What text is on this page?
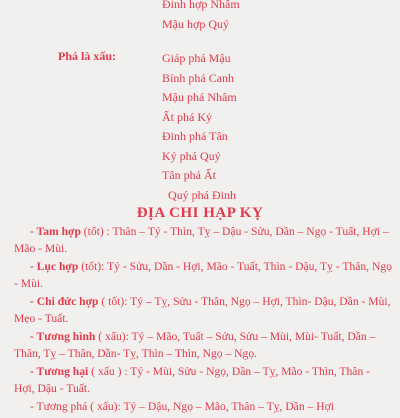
Đinh hợp Nhâm
Mậu hợp Quý
Phá là xấu:	Giáp phá Mậu
Bính phá Canh
Mậu phá Nhâm
Ất phá Kỷ
Đinh phá Tân
Kỷ phá Quý
Tân phá Ất
Quý phá Đinh
ĐỊA CHI HẠP KỴ

- Tam hợp (tốt) : Thân – Tý - Thìn, Tỵ – Dậu - Sửu, Dần – Ngọ - Tuất, Hợi – Mão - Mùi.

- Lục hợp (tốt): Tý - Sửu, Dần - Hợi, Mão - Tuất, Thìn - Dậu, Tỵ - Thân, Ngọ - Mùi.

- Chi đức hợp ( tốt): Tý – Tỵ, Sửu - Thân, Ngọ – Hợi, Thìn- Dậu, Dần - Mùi, Mẹo - Tuất.

- Tương hình ( xấu): Tý – Mão, Tuất – Sửu, Sửu – Mùi, Mùi- Tuất, Dần – Thân, Tỵ – Thân, Dần- Tỵ, Thìn – Thìn, Ngọ – Ngọ.

- Tương hại ( xấu ) : Tý - Mùi, Sửu - Ngọ, Dần – Tỵ, Mão - Thìn, Thân - Hợi, Dậu - Tuất.

- Tương phá ( xấu): Tý – Dậu, Ngọ – Mão, Thân – Tỵ, Dần – Hợi
